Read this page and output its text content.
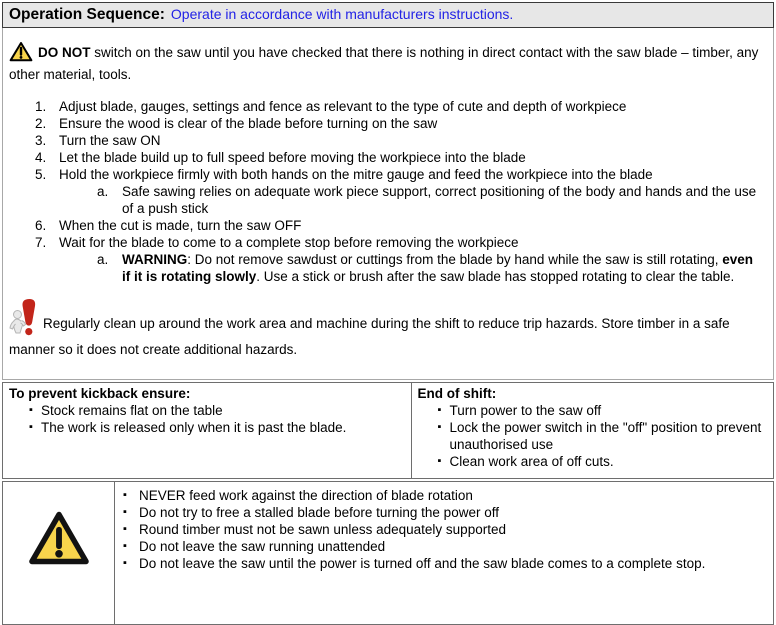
Operation Sequence: Operate in accordance with manufacturers instructions.

DO NOT switch on the saw until you have checked that there is nothing in direct contact with the saw blade – timber, any other material, tools.

1. Adjust blade, gauges, settings and fence as relevant to the type of cute and depth of workpiece
2. Ensure the wood is clear of the blade before turning on the saw
3. Turn the saw ON
4. Let the blade build up to full speed before moving the workpiece into the blade
5. Hold the workpiece firmly with both hands on the mitre gauge and feed the workpiece into the blade
a.	Safe sawing relies on adequate work piece support, correct positioning of the body and hands and the use of a push stick
6. When the cut is made, turn the saw OFF
7. Wait for the blade to come to a complete stop before removing the workpiece
a.	WARNING: Do not remove sawdust or cuttings from the blade by hand while the saw is still rotating, even if it is rotating slowly. Use a stick or brush after the saw blade has stopped rotating to clear the table.

Regularly clean up around the work area and machine during the shift to reduce trip hazards. Store timber in a safe manner so it does not create additional hazards.

To prevent kickback ensure:
▪ Stock remains flat on the table
▪ The work is released only when it is past the blade.

End of shift:
▪ Turn power to the saw off
▪ Lock the power switch in the "off" position to prevent unauthorised use
▪ Clean work area of off cuts.

▪ NEVER feed work against the direction of blade rotation
▪ Do not try to free a stalled blade before turning the power off
▪ Round timber must not be sawn unless adequately supported
▪ Do not leave the saw running unattended
▪ Do not leave the saw until the power is turned off and the saw blade comes to a complete stop.
